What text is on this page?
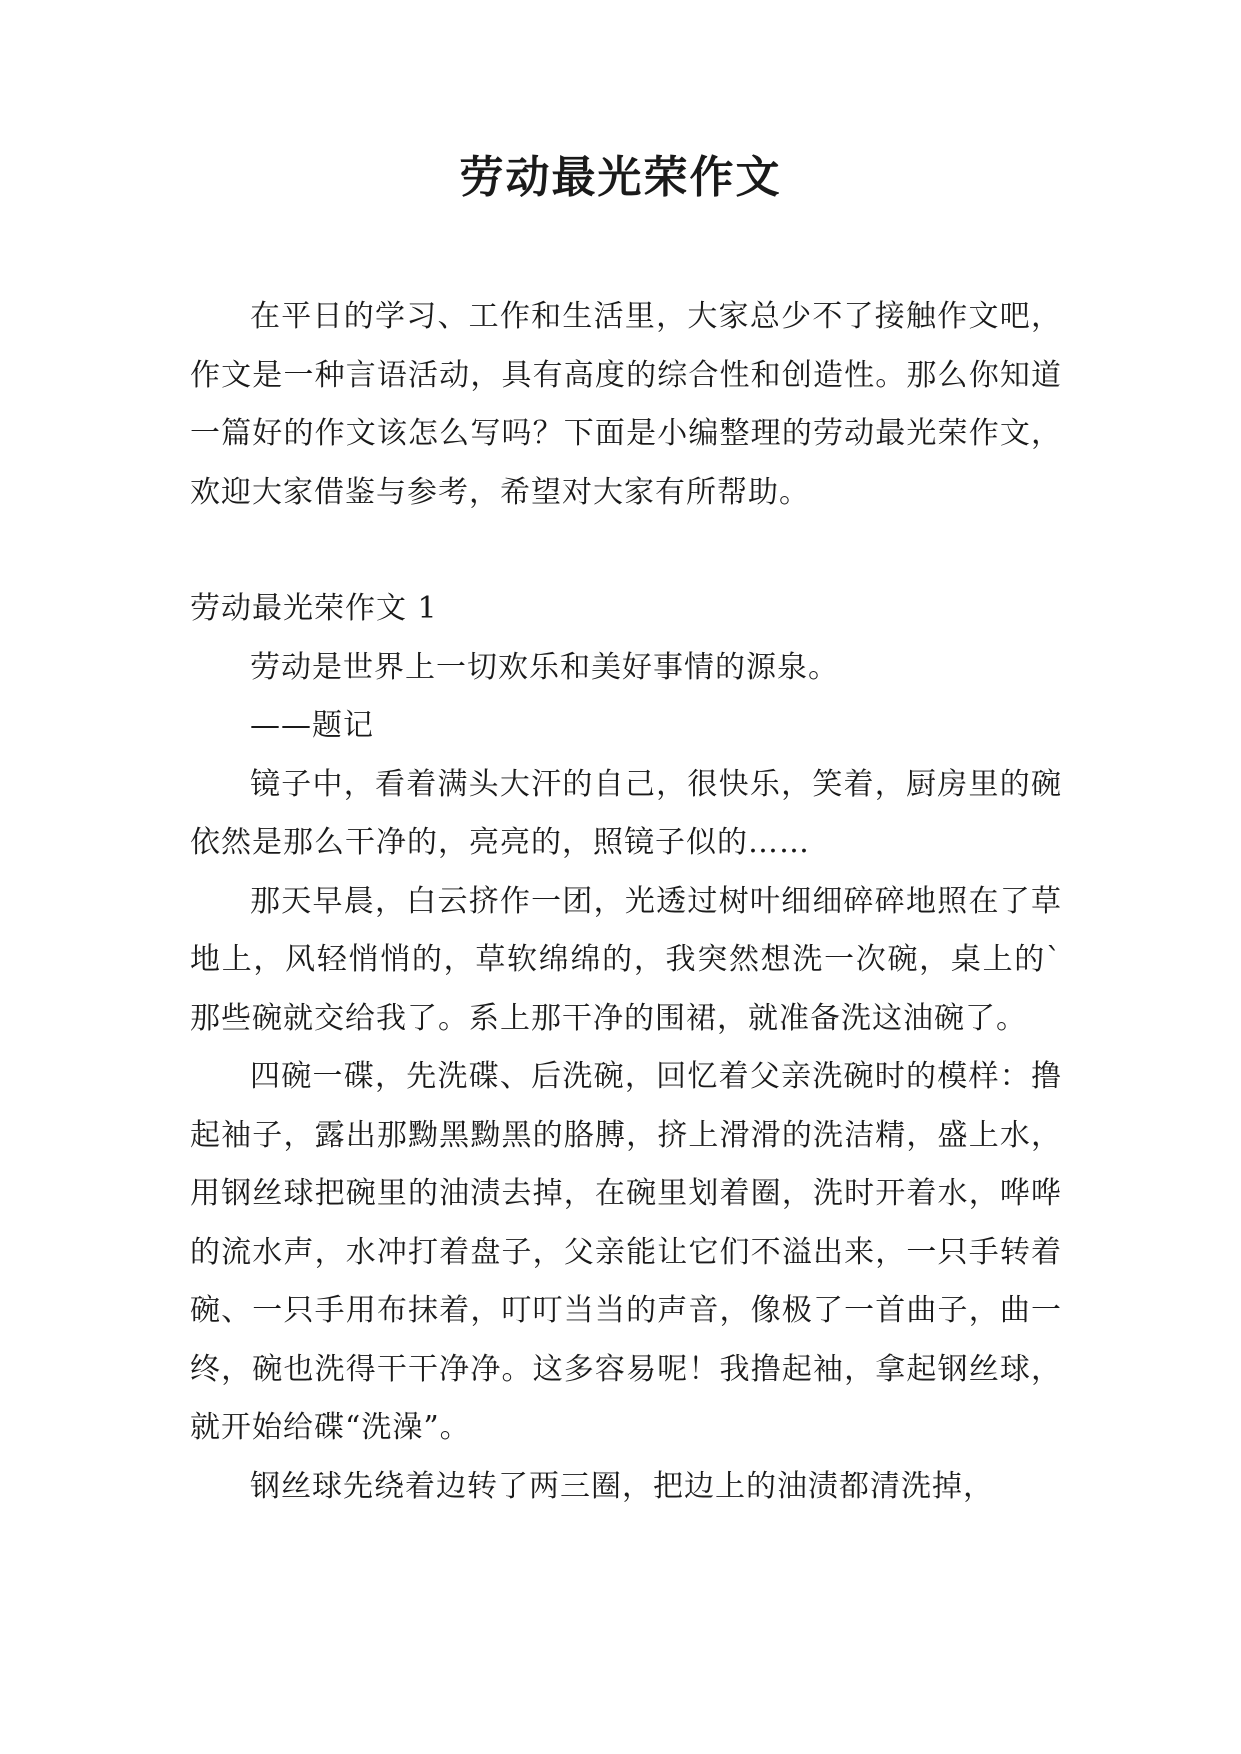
劳动最光荣作文

在平日的学习、工作和生活里，大家总少不了接触作文吧，作文是一种言语活动，具有高度的综合性和创造性。那么你知道一篇好的作文该怎么写吗？下面是小编整理的劳动最光荣作文，欢迎大家借鉴与参考，希望对大家有所帮助。

劳动最光荣作文 1

劳动是世界上一切欢乐和美好事情的源泉。

——题记

镜子中，看着满头大汗的自己，很快乐，笑着，厨房里的碗依然是那么干净的，亮亮的，照镜子似的……

那天早晨，白云挤作一团，光透过树叶细细碎碎地照在了草地上，风轻悄悄的，草软绵绵的，我突然想洗一次碗，桌上的`那些碗就交给我了。系上那干净的围裙，就准备洗这油碗了。

四碗一碟，先洗碟、后洗碗，回忆着父亲洗碗时的模样：撸起袖子，露出那黝黑黝黑的胳膊，挤上滑滑的洗洁精，盛上水，用钢丝球把碗里的油渍去掉，在碗里划着圈，洗时开着水，哗哗的流水声，水冲打着盘子，父亲能让它们不溢出来，一只手转着碗、一只手用布抹着，叮叮当当的声音，像极了一首曲子，曲一终，碗也洗得干干净净。这多容易呢！我撸起袖，拿起钢丝球，就开始给碟“洗澡”。

钢丝球先绕着边转了两三圈，把边上的油渍都清洗掉，
